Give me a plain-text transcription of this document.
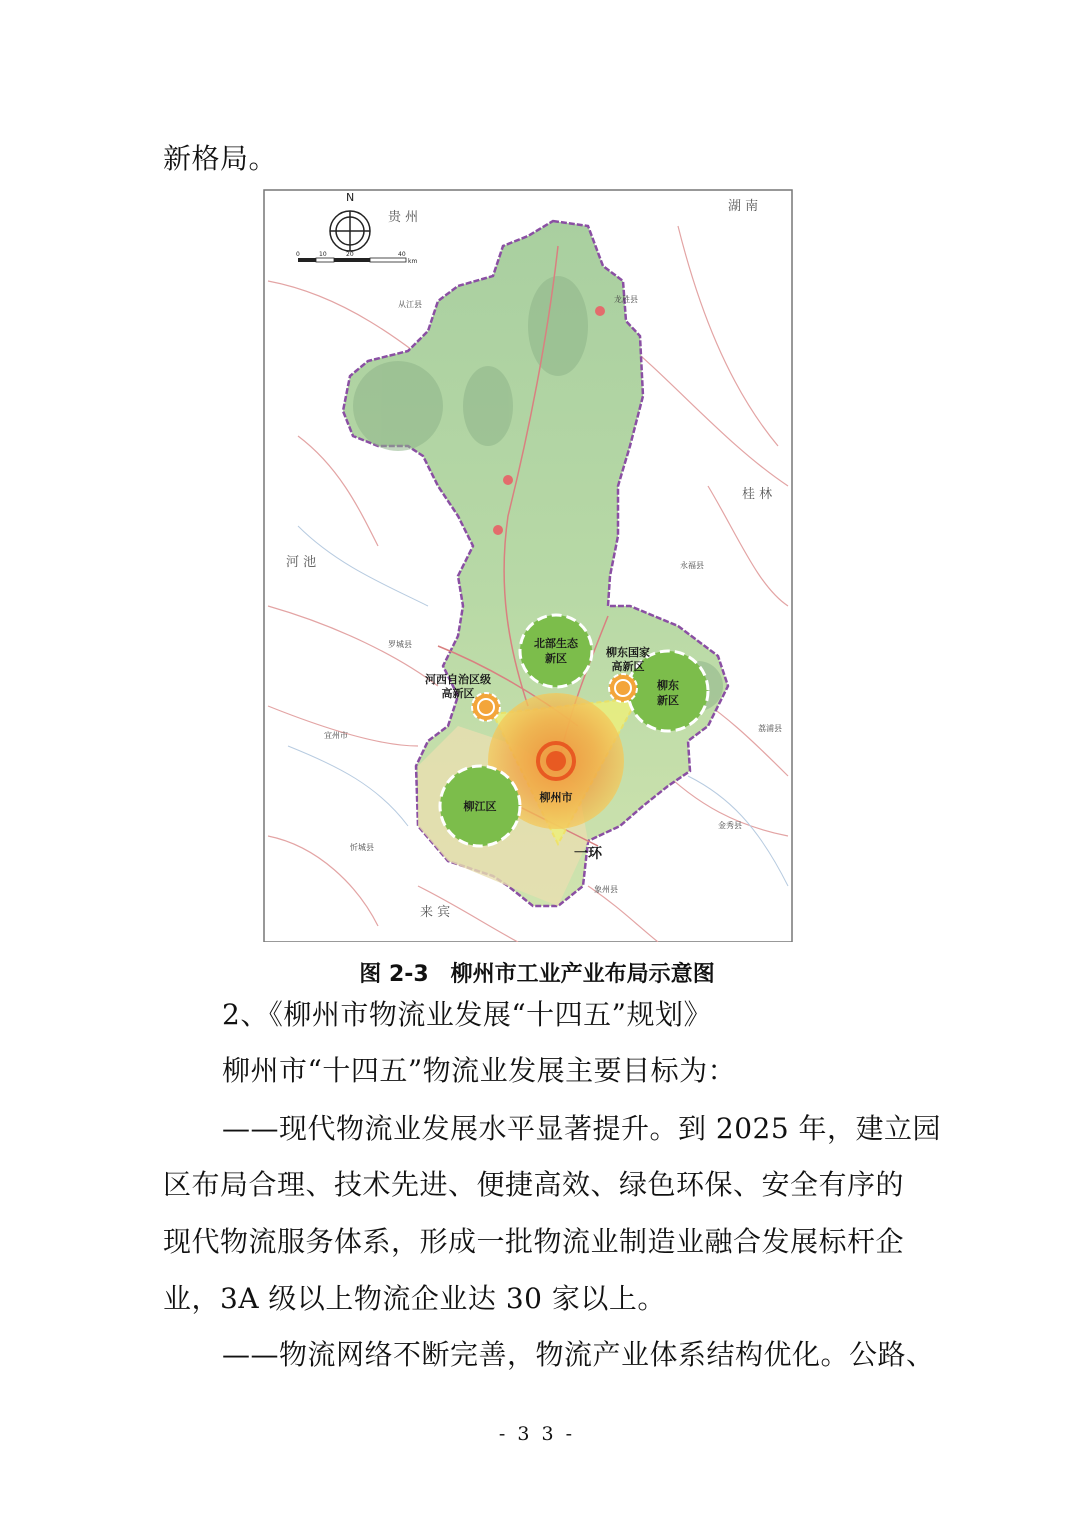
新格局。
N
0	10	20	40
km
贵 州
湖 南
河 池
桂 林
来 宾
从江县
龙胜县
永福县
罗城县
宜州市
忻城县
象州县
金秀县
荔浦县
北部生态
新区	柳东国家
高新区
河西自治区级
高新区
柳东
新区
柳江区
柳州市
一环
图 2-3　柳州市工业产业布局示意图
2、《柳州市物流业发展“十四五”规划》
柳州市“十四五”物流业发展主要目标为：
——现代物流业发展水平显著提升。到 2025 年，建立园
区布局合理、技术先进、便捷高效、绿色环保、安全有序的
现代物流服务体系，形成一批物流业制造业融合发展标杆企
业，3A 级以上物流企业达 30 家以上。
——物流网络不断完善，物流产业体系结构优化。公路、
- 3 3 -
